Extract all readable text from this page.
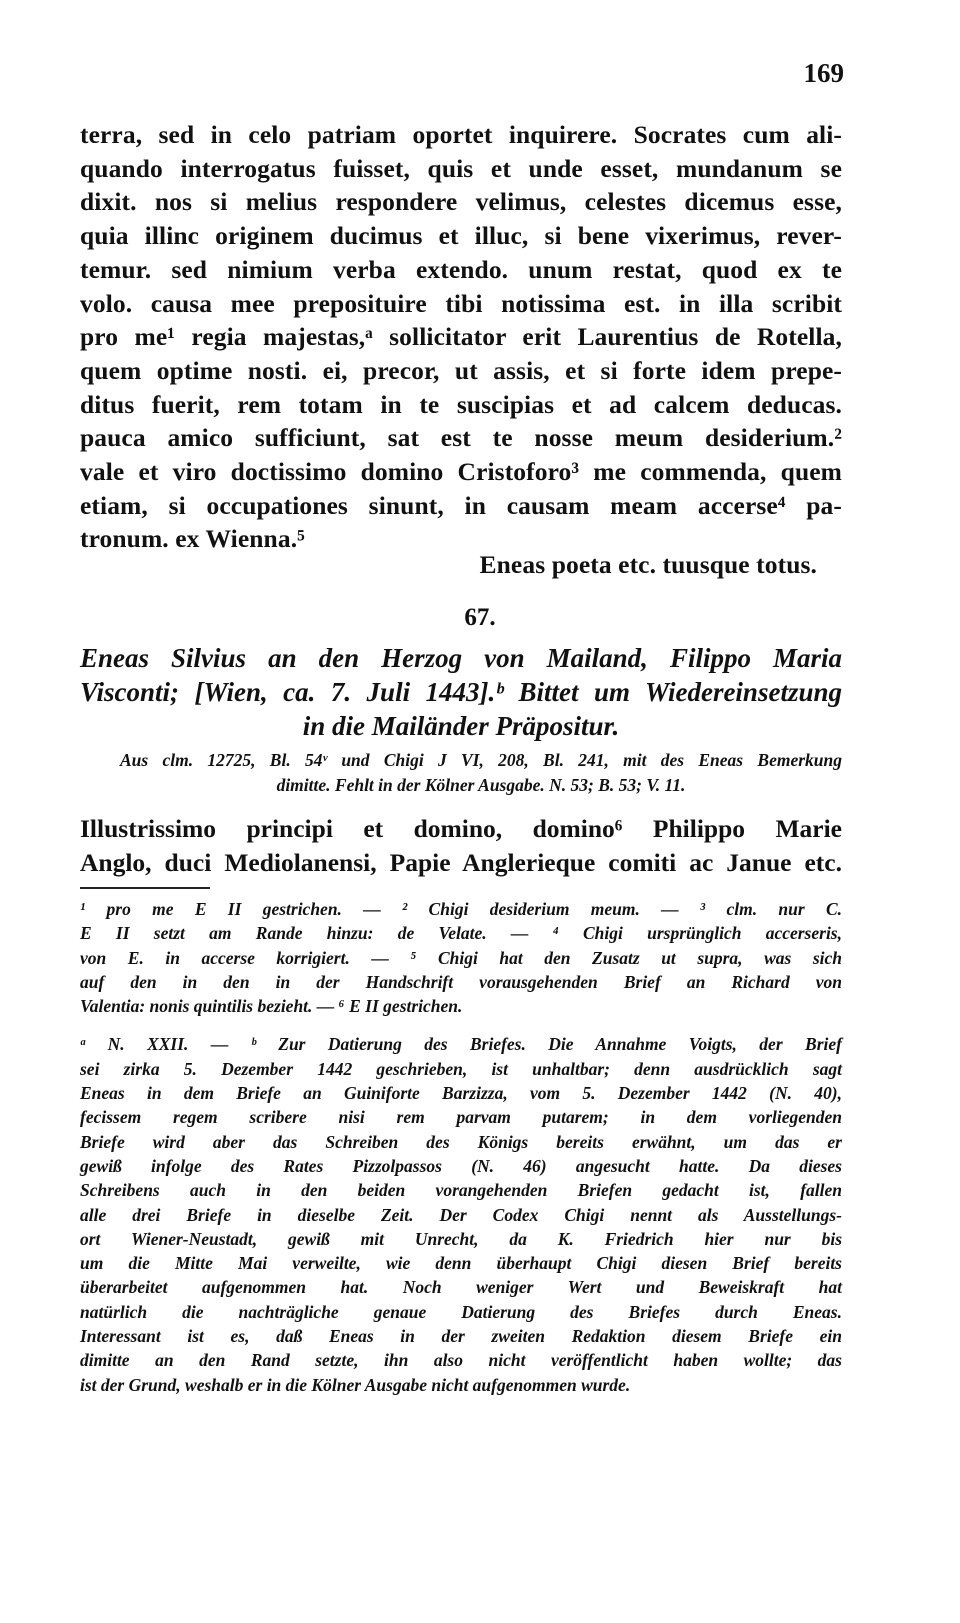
169
terra, sed in celo patriam oportet inquirere. Socrates cum ali-
quando interrogatus fuisset, quis et unde esset, mundanum se
dixit. nos si melius respondere velimus, celestes dicemus esse,
quia illinc originem ducimus et illuc, si bene vixerimus, rever-
temur. sed nimium verba extendo. unum restat, quod ex te
volo. causa mee preposituire tibi notissima est. in illa scribit
pro me¹ regia majestas,ᵃ sollicitator erit Laurentius de Rotella,
quem optime nosti. ei, precor, ut assis, et si forte idem prepe-
ditus fuerit, rem totam in te suscipias et ad calcem deducas.
pauca amico sufficiunt, sat est te nosse meum desiderium.²
vale et viro doctissimo domino Cristoforo³ me commenda, quem
etiam, si occupationes sinunt, in causam meam accerse⁴ pa-
tronum. ex Wienna.⁵
Eneas poeta etc. tuusque totus.
67.
Eneas Silvius an den Herzog von Mailand, Filippo Maria
Visconti; [Wien, ca. 7. Juli 1443].ᵇ Bittet um Wiedereinsetzung
in die Mailänder Präpositur.
Aus clm. 12725, Bl. 54ᵛ und Chigi J VI, 208, Bl. 241, mit des Eneas Bemerkung
dimitte. Fehlt in der Kölner Ausgabe. N. 53; B. 53; V. 11.
Illustrissimo principi et domino, domino⁶ Philippo Marie
Anglo, duci Mediolanensi, Papie Anglerieque comiti ac Janue etc.
¹ pro me E II gestrichen. — ² Chigi desiderium meum. — ³ clm. nur C.
E II setzt am Rande hinzu: de Velate. — ⁴ Chigi ursprünglich accerseris,
von E. in accerse korrigiert. — ⁵ Chigi hat den Zusatz ut supra, was sich
auf den in den in der Handschrift vorausgehenden Brief an Richard von
Valentia: nonis quintilis bezieht. — ⁶ E II gestrichen.
ᵃ N. XXII. — ᵇ Zur Datierung des Briefes. Die Annahme Voigts, der Brief
sei zirka 5. Dezember 1442 geschrieben, ist unhaltbar; denn ausdrücklich sagt
Eneas in dem Briefe an Guiniforte Barzizza, vom 5. Dezember 1442 (N. 40),
fecissem regem scribere nisi rem parvam putarem; in dem vorliegenden
Briefe wird aber das Schreiben des Königs bereits erwähnt, um das er
gewiß infolge des Rates Pizzolpassos (N. 46) angesucht hatte. Da dieses
Schreibens auch in den beiden vorangehenden Briefen gedacht ist, fallen
alle drei Briefe in dieselbe Zeit. Der Codex Chigi nennt als Ausstellungs-
ort Wiener-Neustadt, gewiß mit Unrecht, da K. Friedrich hier nur bis
um die Mitte Mai verweilte, wie denn überhaupt Chigi diesen Brief bereits
überarbeitet aufgenommen hat. Noch weniger Wert und Beweiskraft hat
natürlich die nachträgliche genaue Datierung des Briefes durch Eneas.
Interessant ist es, daß Eneas in der zweiten Redaktion diesem Briefe ein
dimitte an den Rand setzte, ihn also nicht veröffentlicht haben wollte; das
ist der Grund, weshalb er in die Kölner Ausgabe nicht aufgenommen wurde.
